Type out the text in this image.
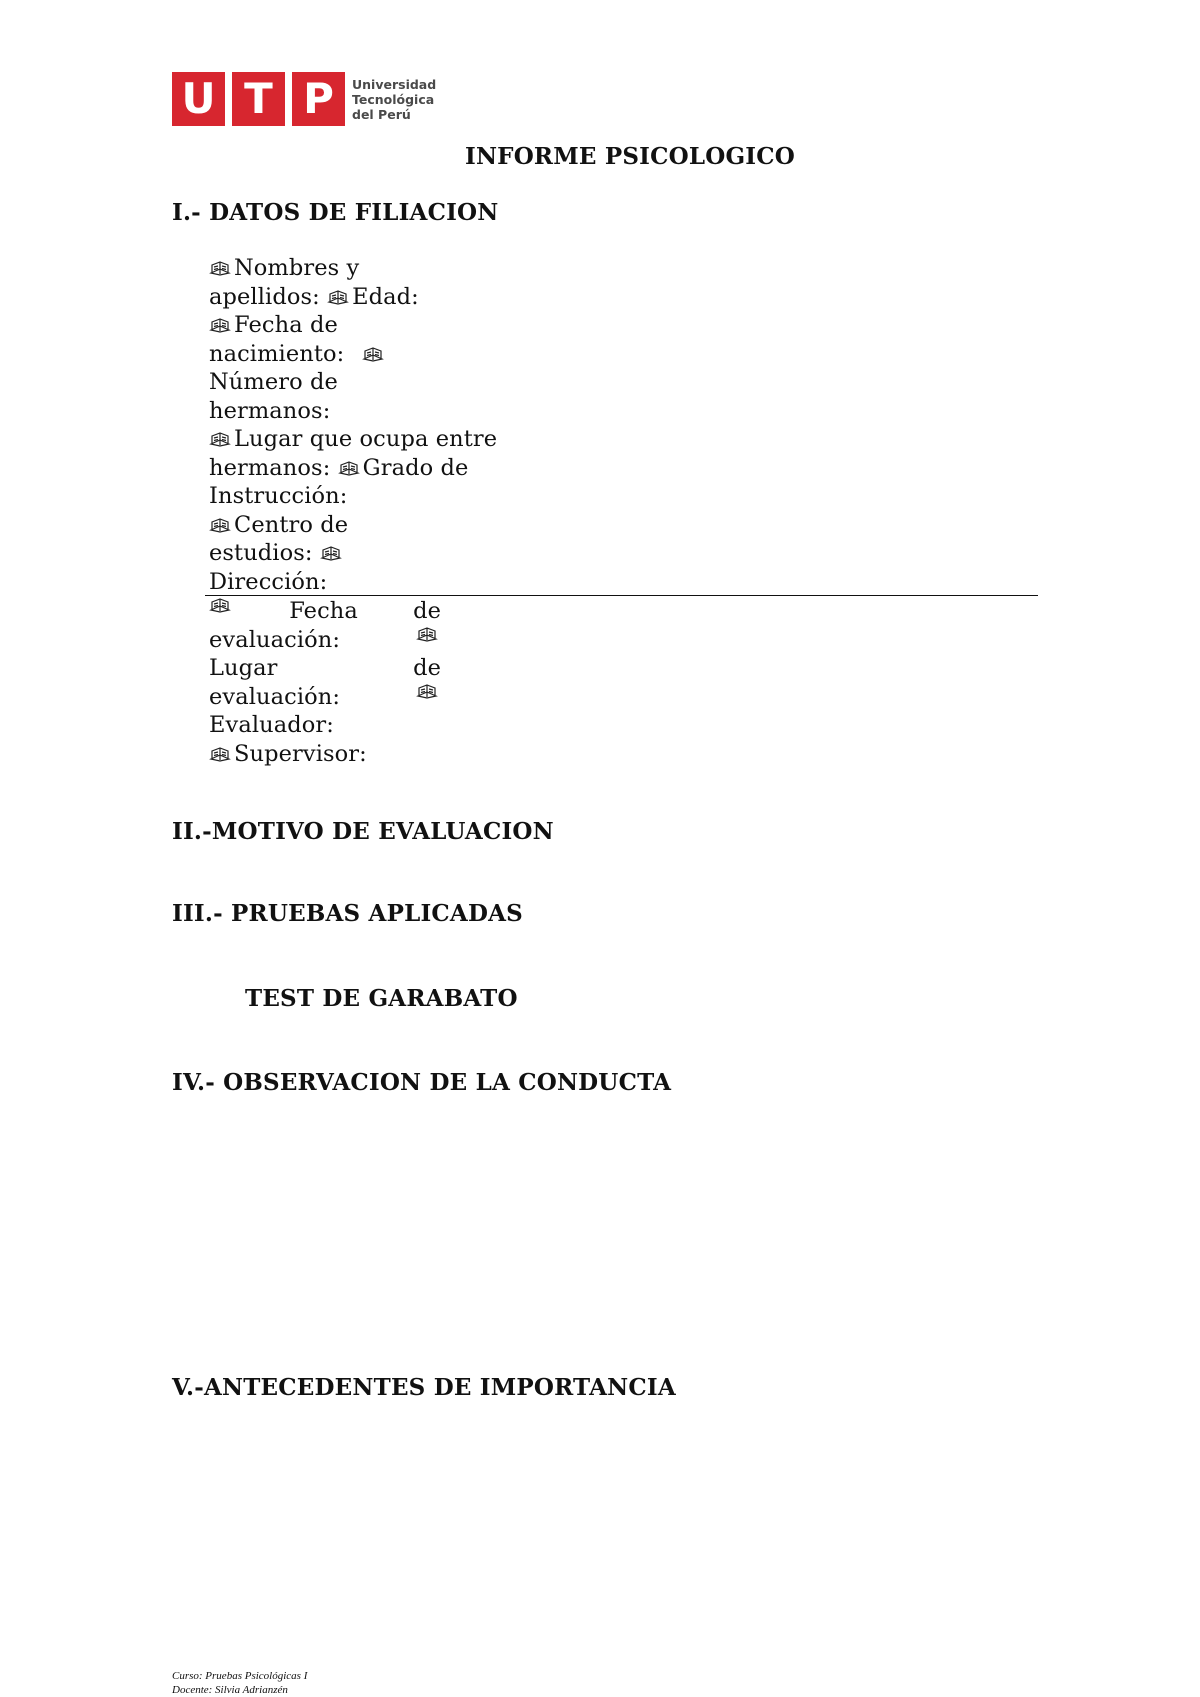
U T P	Universidad
Tecnológica
del Perú
INFORME PSICOLOGICO
I.- DATOS DE FILIACION
Nombres y
apellidos: Edad:
Fecha de
nacimiento:
Número de
hermanos:
Lugar que ocupa entre
hermanos: Grado de
Instrucción:
Centro de
estudios:
Dirección:
Fecha de
evaluación:
Lugar	de
evaluación:
Evaluador:
Supervisor:
II.-MOTIVO DE EVALUACION
III.- PRUEBAS APLICADAS
TEST DE GARABATO
IV.- OBSERVACION DE LA CONDUCTA
V.-ANTECEDENTES DE IMPORTANCIA
Curso: Pruebas Psicológicas I
Docente: Silvia Adrianzén
